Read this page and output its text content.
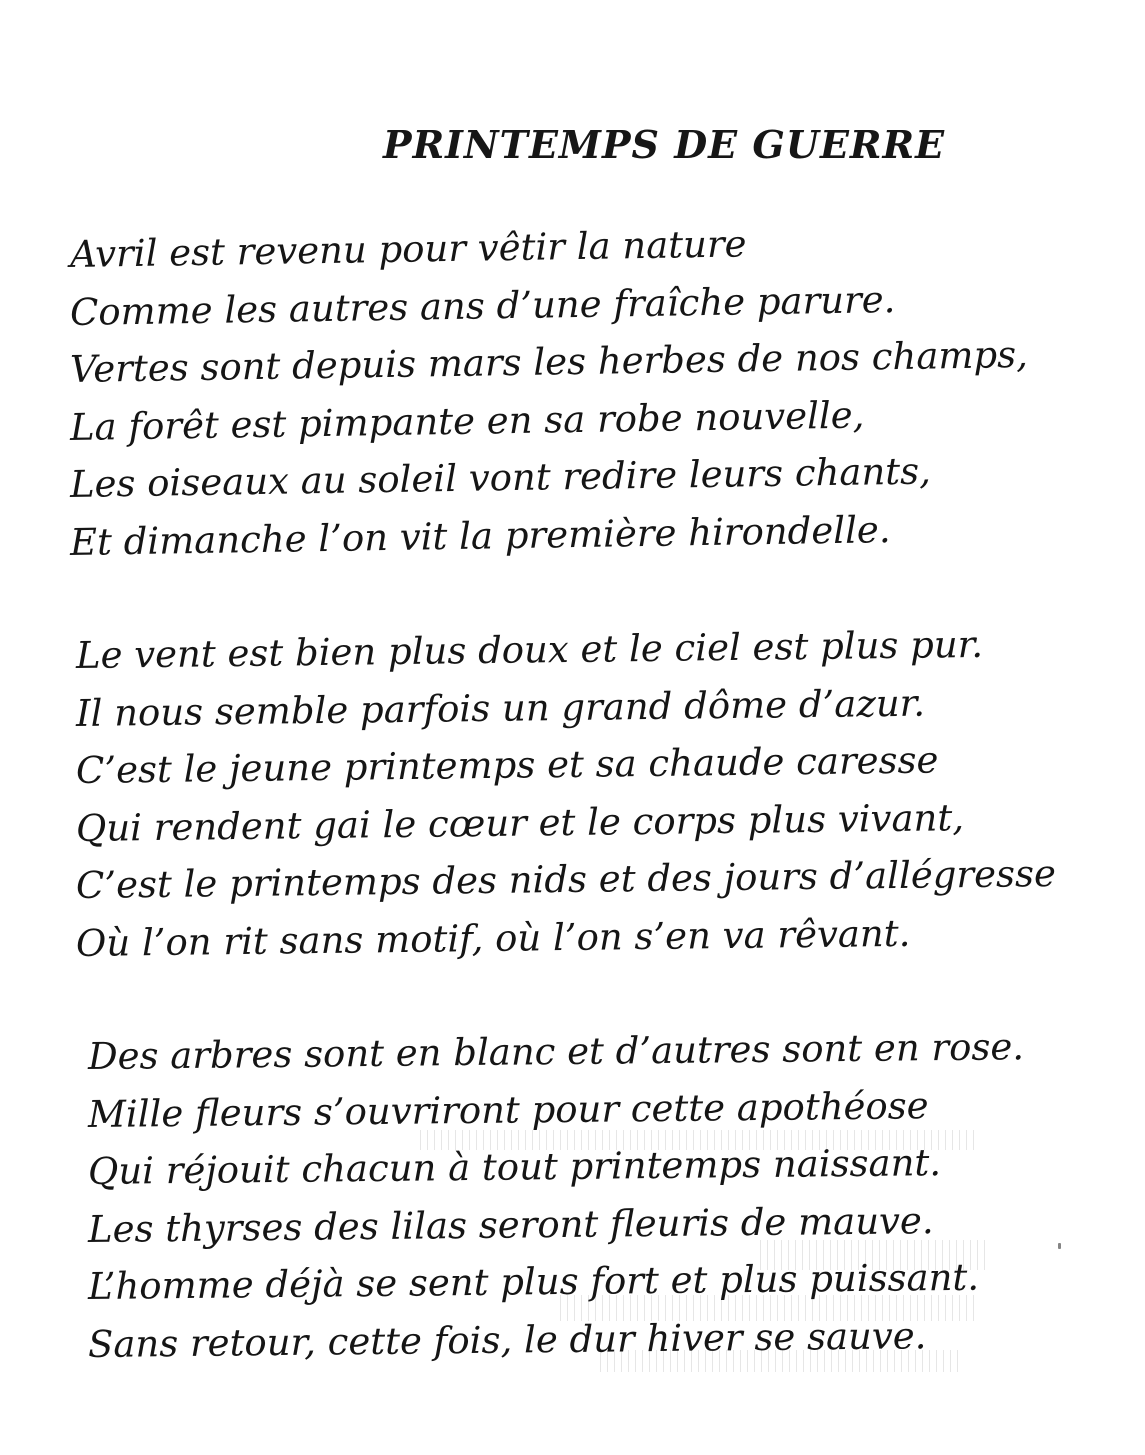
PRINTEMPS DE GUERRE
Avril est revenu pour vêtir la nature
Comme les autres ans d’une fraîche parure.
Vertes sont depuis mars les herbes de nos champs,
La forêt est pimpante en sa robe nouvelle,
Les oiseaux au soleil vont redire leurs chants,
Et dimanche l’on vit la première hirondelle.
Le vent est bien plus doux et le ciel est plus pur.
Il nous semble parfois un grand dôme d’azur.
C’est le jeune printemps et sa chaude caresse
Qui rendent gai le cœur et le corps plus vivant,
C’est le printemps des nids et des jours d’allégresse
Où l’on rit sans motif, où l’on s’en va rêvant.
Des arbres sont en blanc et d’autres sont en rose.
Mille fleurs s’ouvriront pour cette apothéose
Qui réjouit chacun à tout printemps naissant.
Les thyrses des lilas seront fleuris de mauve.
L’homme déjà se sent plus fort et plus puissant.
Sans retour, cette fois, le dur hiver se sauve.
